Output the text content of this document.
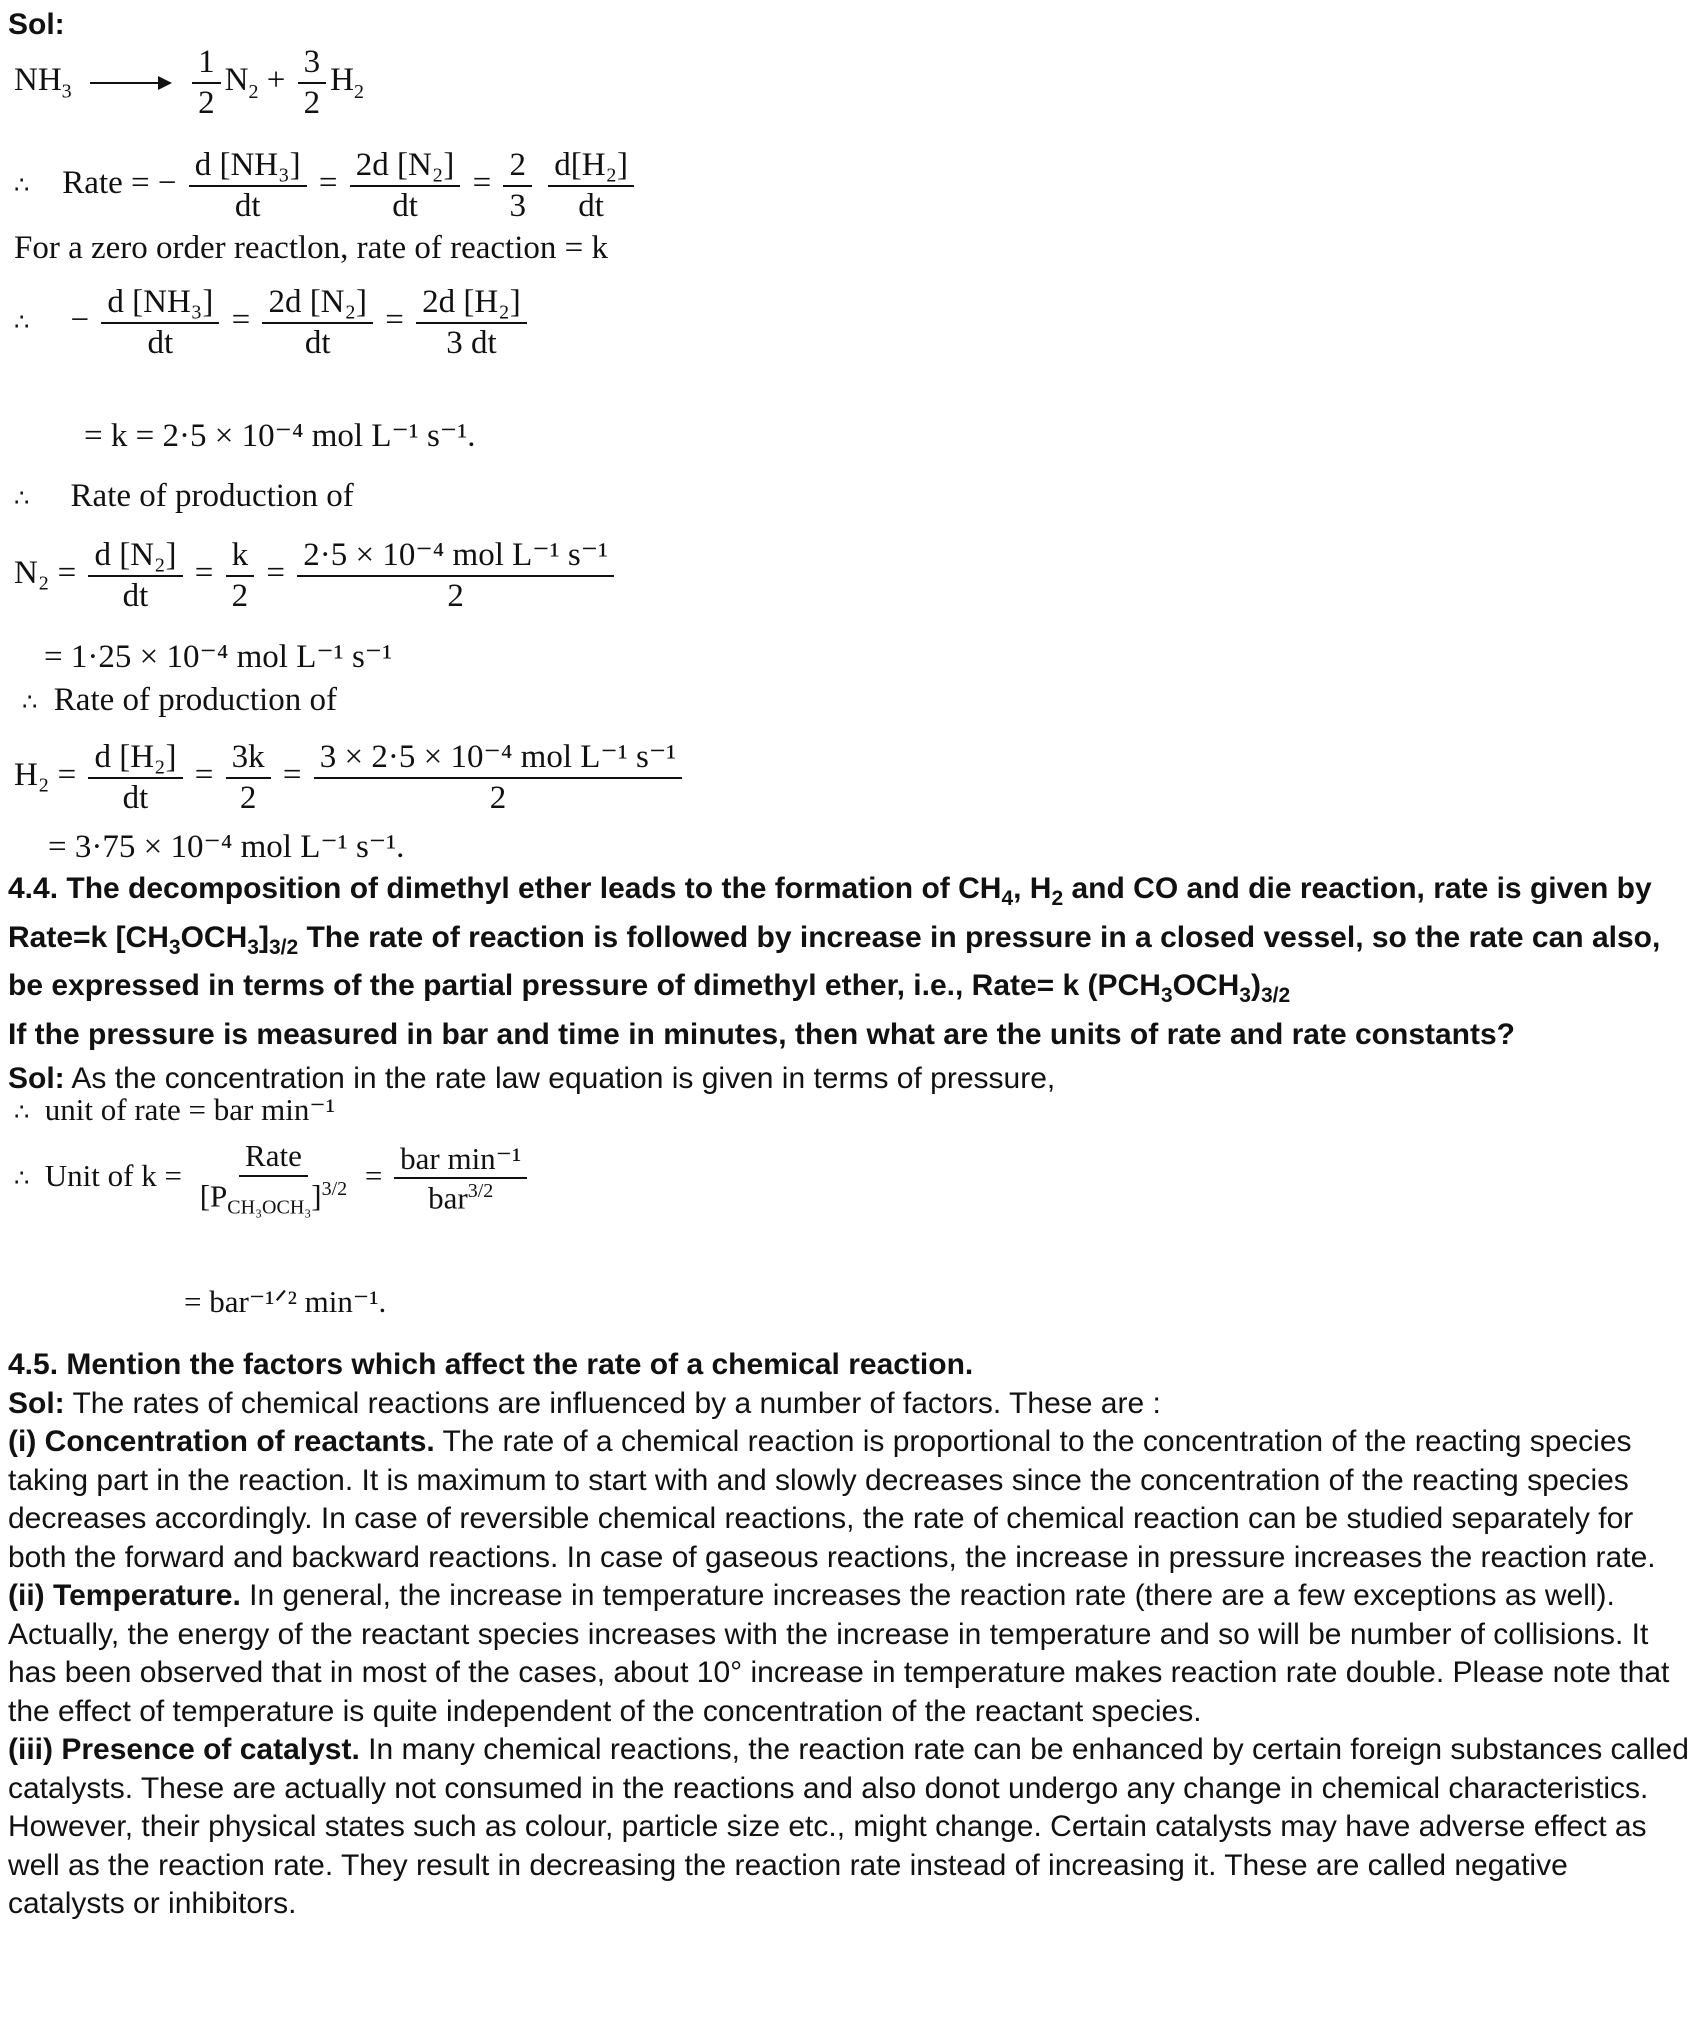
Sol:
$NH_3$	$\frac{1}{2} N_2 + \frac{3}{2} H_2$
∴ Rate = − $\frac{\text{d [NH₃]}}{dt} = \frac{\text{2d [N₂]}}{dt} = \frac{2}{3}$
$\frac{\text{d[H₂]}}{dt}$
For a zero order reactlon, rate of reaction = k
∴ − $\frac{\text{d [NH₃]}}{dt} = \frac{\text{2d [N₂]}}{dt} = \frac{\text{2d [H₂]}}{3 dt}$
= k = 2·5 × 10⁻⁴ mol L⁻¹ s⁻¹.
∴ Rate of production of
$N_2 = \frac{\text{d [N₂]}}{dt} = \frac{k}{2} = \frac{\text{2·5 × 10⁻⁴ mol L⁻¹ s⁻¹}}{2}$
= 1·25 × 10⁻⁴ mol L⁻¹ s⁻¹
∴ Rate of production of
$H_2 = \frac{\text{d [H₂]}}{dt} = \frac{3k}{2} = \frac{\text{3 × 2·5 × 10⁻⁴ mol L⁻¹ s⁻¹}}{2}$
= 3·75 × 10⁻⁴ mol L⁻¹ s⁻¹.

4.4. The decomposition of dimethyl ether leads to the formation of $CH_4$, $H_2$ and CO and die reaction, rate is given by Rate=k $[CH_3OCH_3]_{3/2}$ The rate of reaction is followed by increase in pressure in a closed vessel, so the rate can also, be expressed in terms of the partial pressure of dimethyl ether, i.e., Rate= k $(PCH_3OCH_3)_{3/2}$

If the pressure is measured in bar and time in minutes, then what are the units of rate and rate constants?

Sol: As the concentration in the rate law equation is given in terms of pressure,
∴ unit of rate = bar min⁻¹
∴ Unit of $k = \frac{\text{Rate}}{[P_{CH_3OCH_3}]^{3/2}} = \frac{\text{bar min⁻¹}}{bar^{3/2}}$
= bar⁻¹ᐟ² min⁻¹.

4.5. Mention the factors which affect the rate of a chemical reaction.

Sol: The rates of chemical reactions are influenced by a number of factors. These are :

(i) Concentration of reactants. The rate of a chemical reaction is proportional to the concentration of the reacting species taking part in the reaction. It is maximum to start with and slowly decreases since the concentration of the reacting species decreases accordingly. In case of reversible chemical reactions, the rate of chemical reaction can be studied separately for both the forward and backward reactions. In case of gaseous reactions, the increase in pressure increases the reaction rate.

(ii) Temperature. In general, the increase in temperature increases the reaction rate (there are a few exceptions as well). Actually, the energy of the reactant species increases with the increase in temperature and so will be number of collisions. It has been observed that in most of the cases, about 10° increase in temperature makes reaction rate double. Please note that the effect of temperature is quite independent of the concentration of the reactant species.

(iii) Presence of catalyst. In many chemical reactions, the reaction rate can be enhanced by certain foreign substances called catalysts. These are actually not consumed in the reactions and also donot undergo any change in chemical characteristics. However, their physical states such as colour, particle size etc., might change. Certain catalysts may have adverse effect as well as the reaction rate. They result in decreasing the reaction rate instead of increasing it. These are called negative catalysts or inhibitors.
